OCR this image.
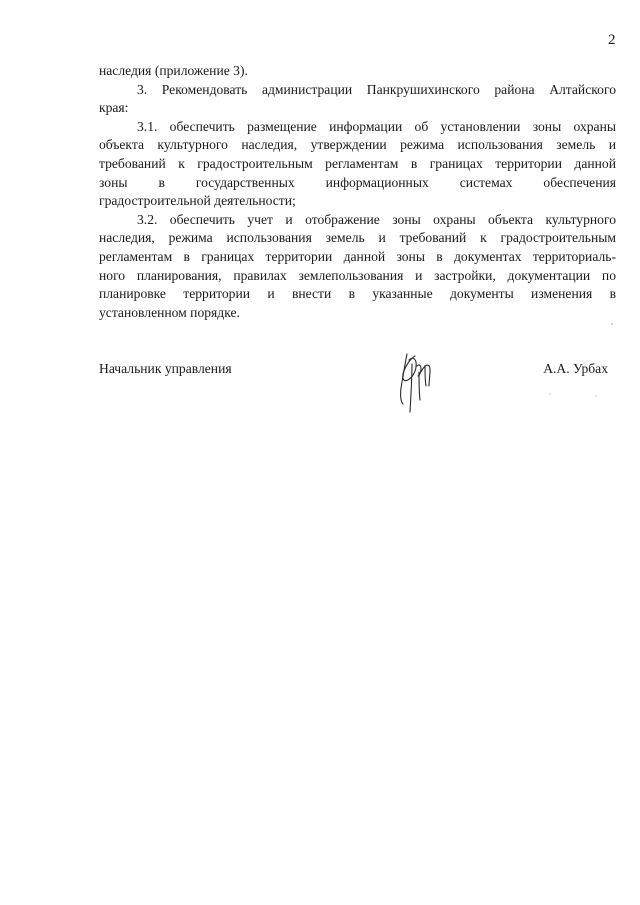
2
наследия (приложение 3).
3. Рекомендовать администрации Панкрушихинского района Алтайского
края:
3.1. обеспечить размещение информации об установлении зоны охраны
объекта культурного наследия, утверждении режима использования земель и
требований к градостроительным регламентам в границах территории данной
зоны в государственных информационных системах обеспечения
градостроительной деятельности;
3.2. обеспечить учет и отображение зоны охраны объекта культурного
наследия, режима использования земель и требований к градостроительным
регламентам в границах территории данной зоны в документах территориаль-
ного планирования, правилах землепользования и застройки, документации по
планировке территории и внести в указанные документы изменения в
установленном порядке.
Начальник управления	А.А. Урбах
